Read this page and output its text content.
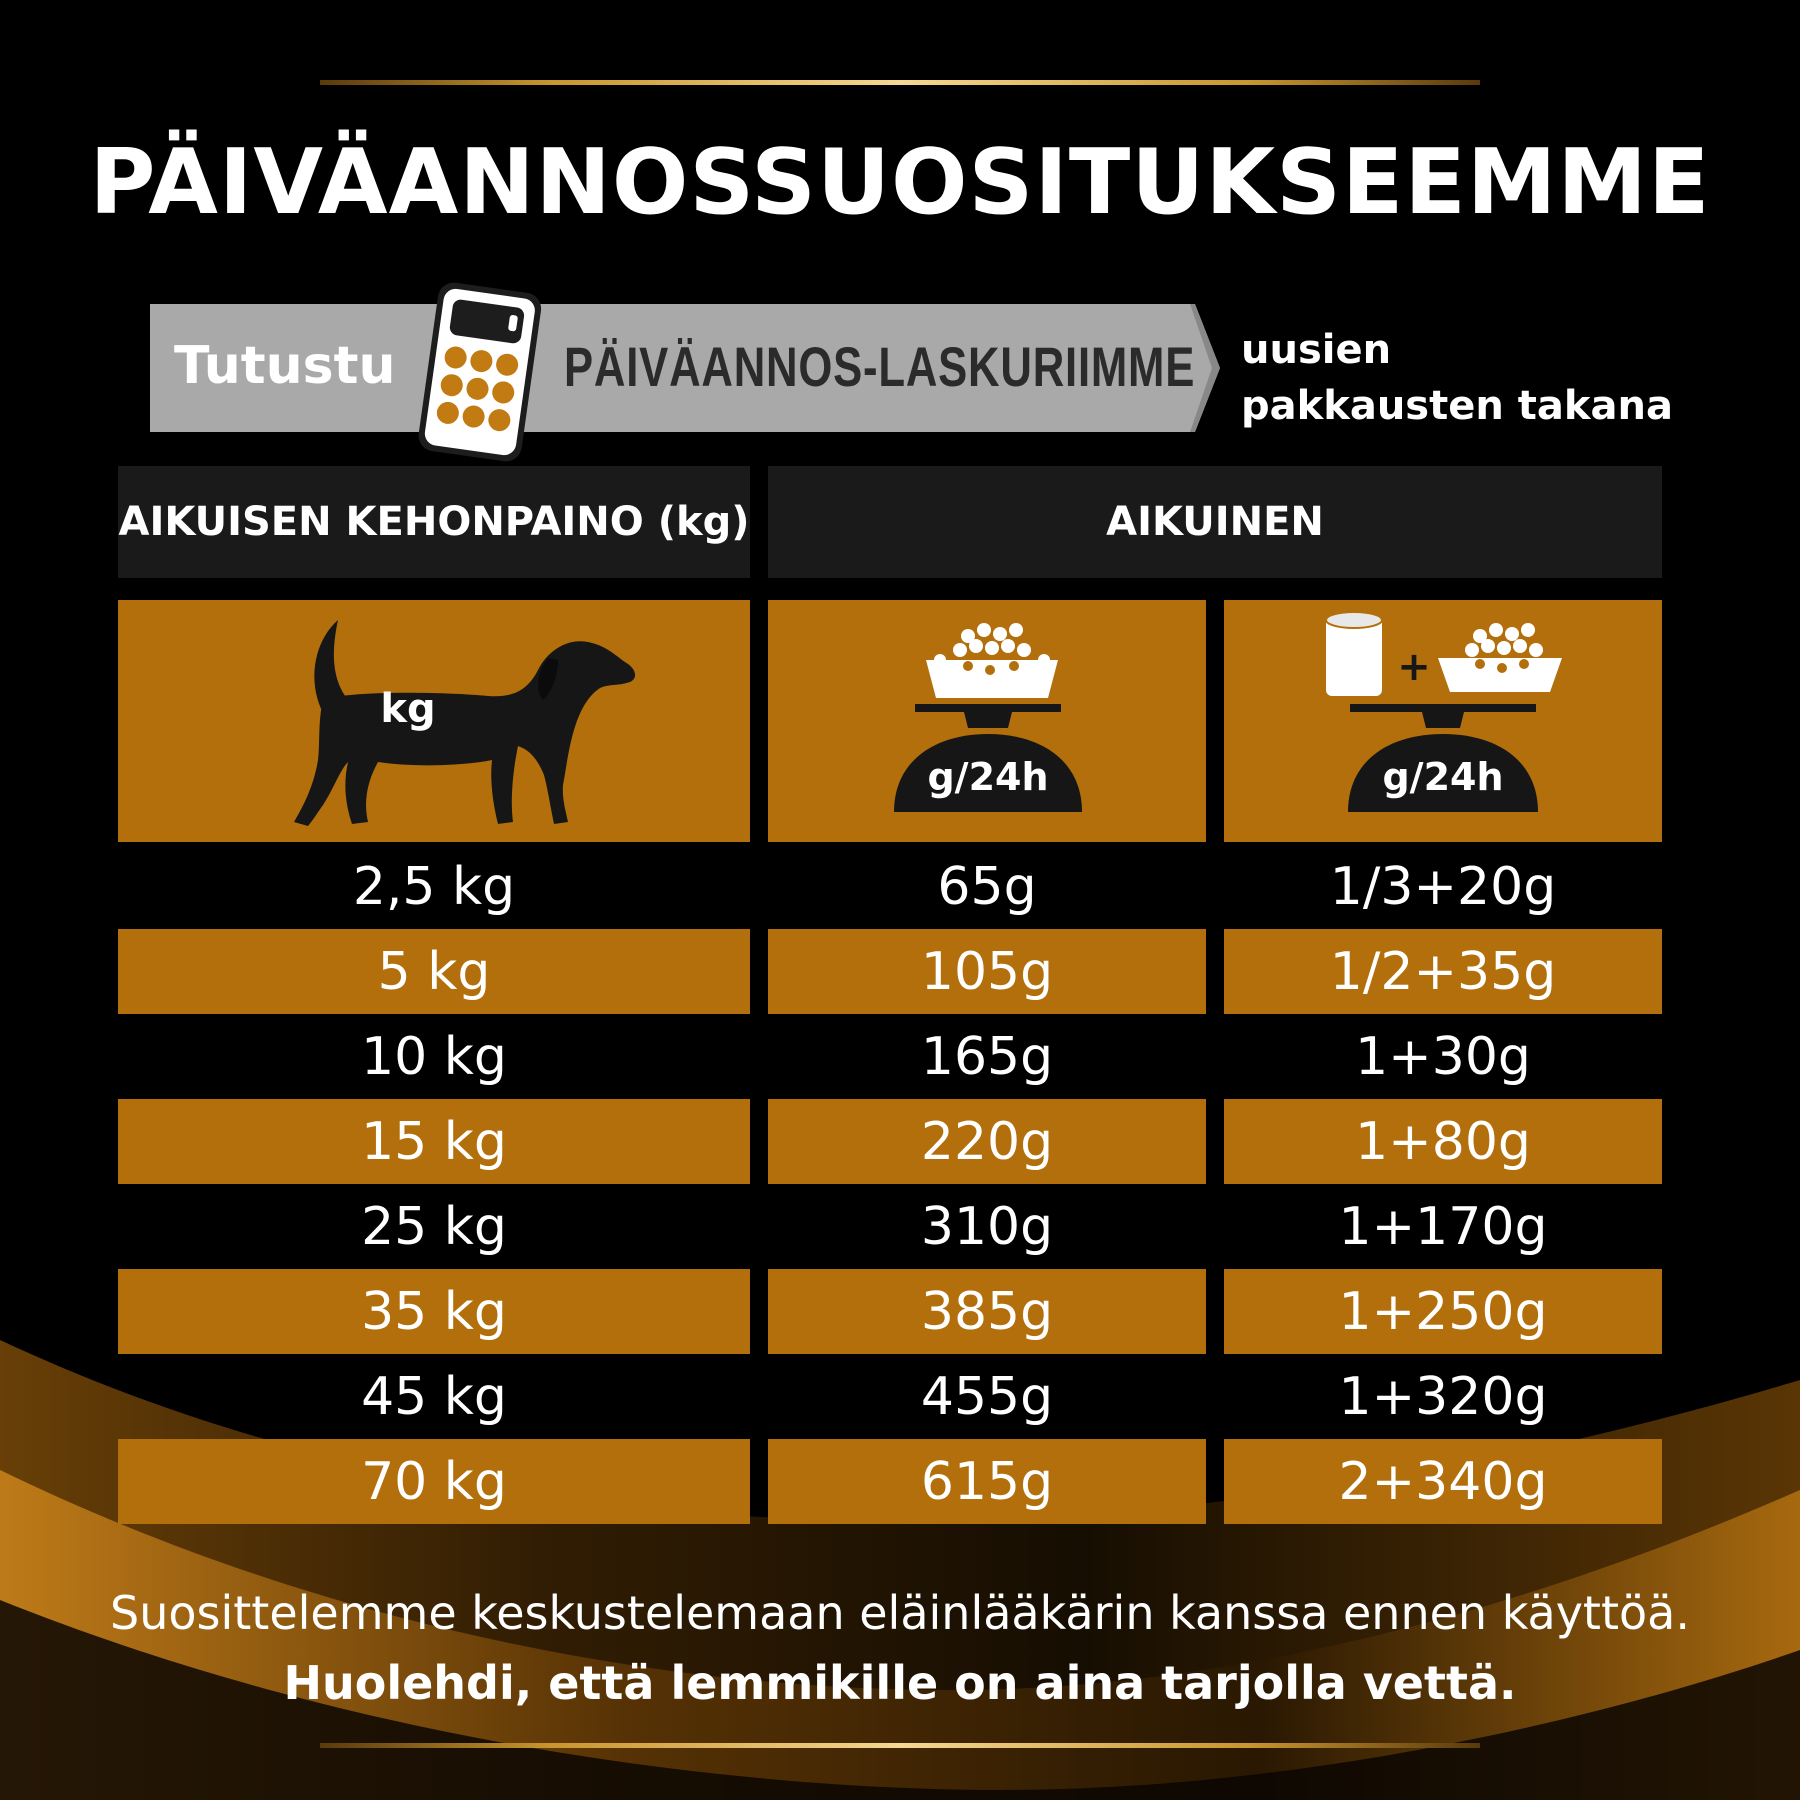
PÄIVÄANNOSSUOSITUKSEEMME
Tutustu	PÄIVÄANNOS-LASKURIIMME uusien
pakkausten takana
AIKUISEN KEHONPAINO (kg)	AIKUINEN
kg
g/24h
+
g/24h
2,5 kg	65g	1/3+20g
5 kg	105g	1/2+35g
10 kg	165g	1+30g
15 kg	220g	1+80g
25 kg	310g	1+170g
35 kg	385g	1+250g
45 kg	455g	1+320g
70 kg	615g	2+340g
Suosittelemme keskustelemaan eläinlääkärin kanssa ennen käyttöä.
Huolehdi, että lemmikille on aina tarjolla vettä.
